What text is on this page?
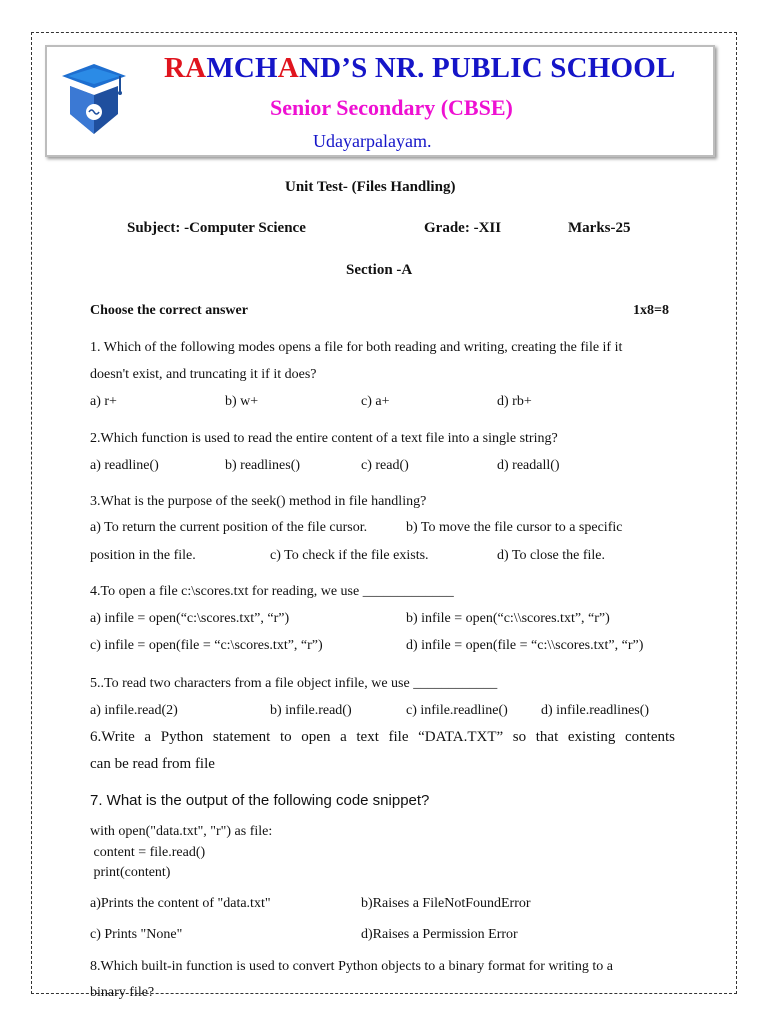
RAMCHAND’S NR. PUBLIC SCHOOL
Senior Secondary (CBSE)
Udayarpalayam.
Unit Test- (Files Handling)
Subject: -Computer Science	Grade: -XII	Marks-25
Section -A
Choose the correct answer	1x8=8
1. Which of the following modes opens a file for both reading and writing, creating the file if it
doesn't exist, and truncating it if it does?
a) r+	b) w+	c) a+	d) rb+
2.Which function is used to read the entire content of a text file into a single string?
a) readline()	b) readlines()	c) read()	d) readall()
3.What is the purpose of the seek() method in file handling?
a) To return the current position of the file cursor.	b) To move the file cursor to a specific
position in the file.	c) To check if the file exists.	d) To close the file.
4.To open a file c:\scores.txt for reading, we use _____________
a) infile = open(“c:\scores.txt”, “r”)	b) infile = open(“c:\\scores.txt”, “r”)
c) infile = open(file = “c:\scores.txt”, “r”)	d) infile = open(file = “c:\\scores.txt”, “r”)
5..To read two characters from a file object infile, we use ____________
a) infile.read(2)	b) infile.read()	c) infile.readline() d) infile.readlines()
6.Write a Python statement to open a text file “DATA.TXT” so that existing contents
can be read from file
7. What is the output of the following code snippet?
with open("data.txt", "r") as file:
content = file.read()
print(content)
a)Prints the content of "data.txt"	b)Raises a FileNotFoundError
c) Prints "None"	d)Raises a Permission Error
8.Which built-in function is used to convert Python objects to a binary format for writing to a
binary file?
